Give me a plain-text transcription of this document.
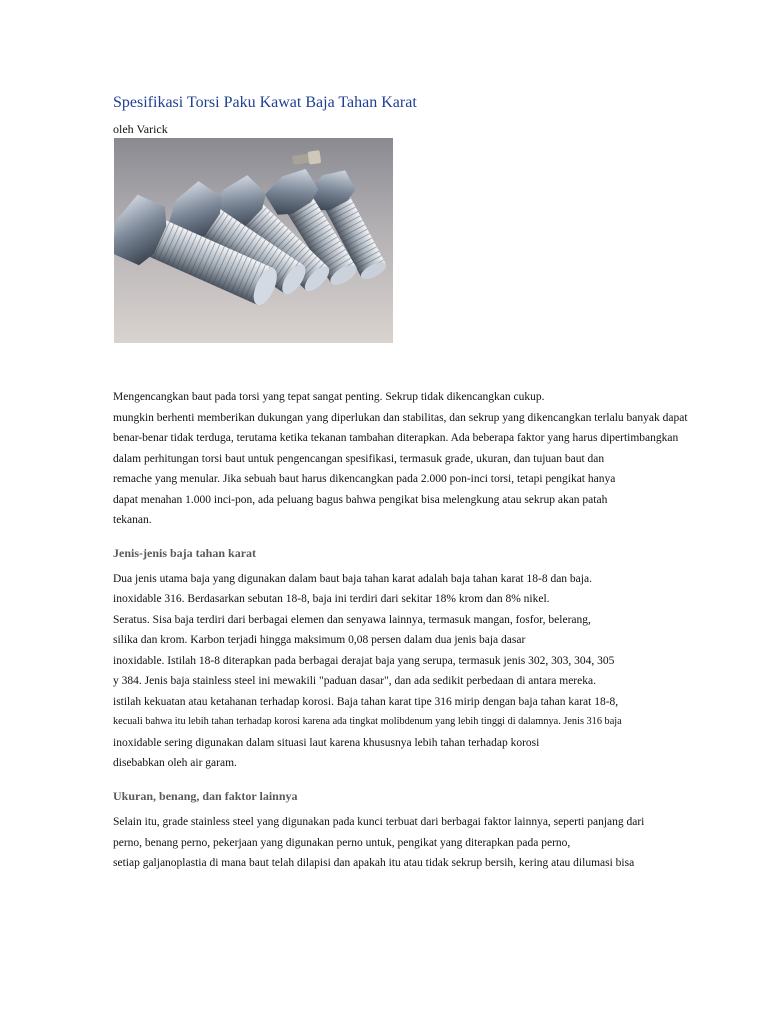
Spesifikasi Torsi Paku Kawat Baja Tahan Karat
oleh Varick
Mengencangkan baut pada torsi yang tepat sangat penting. Sekrup tidak dikencangkan cukup.
mungkin berhenti memberikan dukungan yang diperlukan dan stabilitas, dan sekrup yang dikencangkan terlalu banyak dapat
benar-benar tidak terduga, terutama ketika tekanan tambahan diterapkan. Ada beberapa faktor yang harus dipertimbangkan
dalam perhitungan torsi baut untuk pengencangan spesifikasi, termasuk grade, ukuran, dan tujuan baut dan
remache yang menular. Jika sebuah baut harus dikencangkan pada 2.000 pon-inci torsi, tetapi pengikat hanya
dapat menahan 1.000 inci-pon, ada peluang bagus bahwa pengikat bisa melengkung atau sekrup akan patah
tekanan.
Jenis-jenis baja tahan karat
Dua jenis utama baja yang digunakan dalam baut baja tahan karat adalah baja tahan karat 18-8 dan baja.
inoxidable 316. Berdasarkan sebutan 18-8, baja ini terdiri dari sekitar 18% krom dan 8% nikel.
Seratus. Sisa baja terdiri dari berbagai elemen dan senyawa lainnya, termasuk mangan, fosfor, belerang,
silika dan krom. Karbon terjadi hingga maksimum 0,08 persen dalam dua jenis baja dasar
inoxidable. Istilah 18-8 diterapkan pada berbagai derajat baja yang serupa, termasuk jenis 302, 303, 304, 305
y 384. Jenis baja stainless steel ini mewakili "paduan dasar", dan ada sedikit perbedaan di antara mereka.
istilah kekuatan atau ketahanan terhadap korosi. Baja tahan karat tipe 316 mirip dengan baja tahan karat 18-8,
kecuali bahwa itu lebih tahan terhadap korosi karena ada tingkat molibdenum yang lebih tinggi di dalamnya. Jenis 316 baja
inoxidable sering digunakan dalam situasi laut karena khususnya lebih tahan terhadap korosi
disebabkan oleh air garam.
Ukuran, benang, dan faktor lainnya
Selain itu, grade stainless steel yang digunakan pada kunci terbuat dari berbagai faktor lainnya, seperti panjang dari
perno, benang perno, pekerjaan yang digunakan perno untuk, pengikat yang diterapkan pada perno,
setiap galjanoplastia di mana baut telah dilapisi dan apakah itu atau tidak sekrup bersih, kering atau dilumasi bisa
